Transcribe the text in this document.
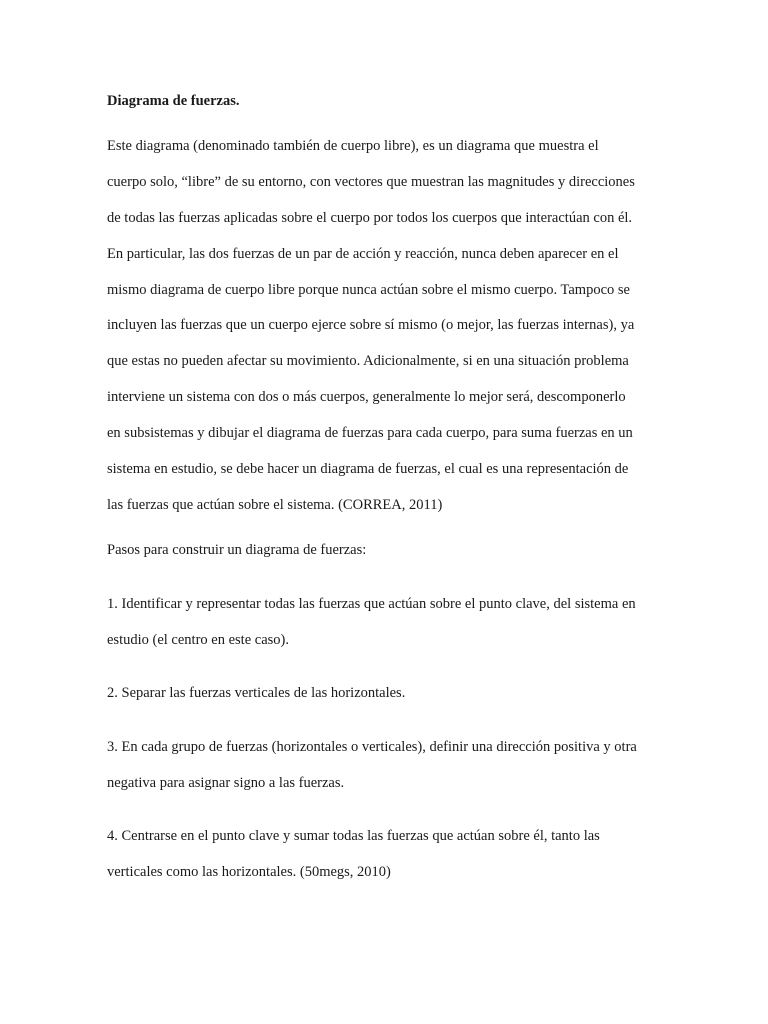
Diagrama de fuerzas.
Este diagrama (denominado también de cuerpo libre), es un diagrama que muestra el
cuerpo solo, “libre” de su entorno, con vectores que muestran las magnitudes y direcciones
de todas las fuerzas aplicadas sobre el cuerpo por todos los cuerpos que interactúan con él.
En particular, las dos fuerzas de un par de acción y reacción, nunca deben aparecer en el
mismo diagrama de cuerpo libre porque nunca actúan sobre el mismo cuerpo. Tampoco se
incluyen las fuerzas que un cuerpo ejerce sobre sí mismo (o mejor, las fuerzas internas), ya
que estas no pueden afectar su movimiento. Adicionalmente, si en una situación problema
interviene un sistema con dos o más cuerpos, generalmente lo mejor será, descomponerlo
en subsistemas y dibujar el diagrama de fuerzas para cada cuerpo, para suma fuerzas en un
sistema en estudio, se debe hacer un diagrama de fuerzas, el cual es una representación de
las fuerzas que actúan sobre el sistema. (CORREA, 2011)
Pasos para construir un diagrama de fuerzas:
1. Identificar y representar todas las fuerzas que actúan sobre el punto clave, del sistema en
estudio (el centro en este caso).
2. Separar las fuerzas verticales de las horizontales.
3. En cada grupo de fuerzas (horizontales o verticales), definir una dirección positiva y otra
negativa para asignar signo a las fuerzas.
4. Centrarse en el punto clave y sumar todas las fuerzas que actúan sobre él, tanto las
verticales como las horizontales. (50megs, 2010)
